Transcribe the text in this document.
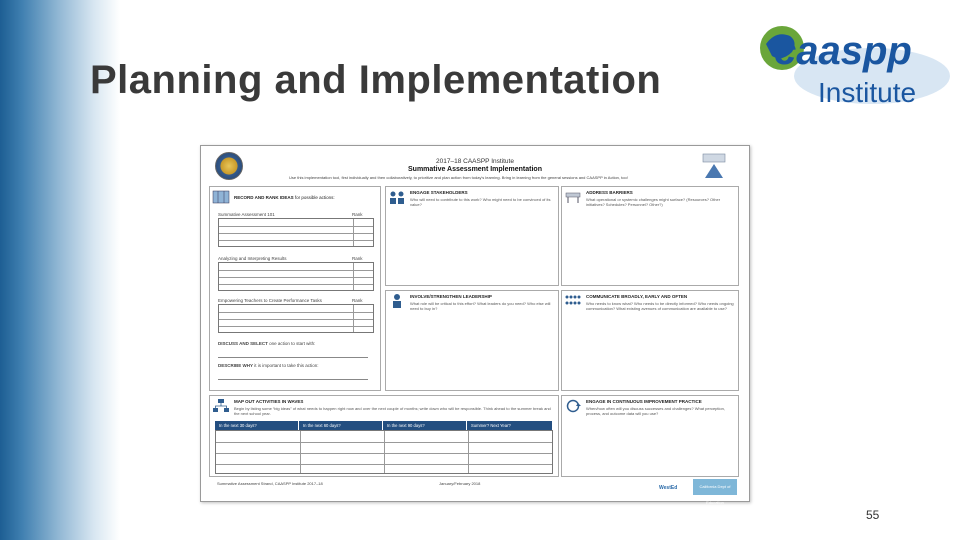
Planning and Implementation
caaspp
Institute
2017–18 CAASPP Institute
Summative Assessment Implementation
Use this implementation tool, first individually and then collaboratively, to prioritize and plan action from today's learning. Bring in learning from the general sessions and CAASPP in Action, too!
RECORD AND RANK IDEAS for possible actions:
Summative Assessment 101	Rank
Analyzing and Interpreting Results	Rank
Empowering Teachers to Create Performance Tasks	Rank
DISCUSS AND SELECT one action to start with:
DESCRIBE WHY it is important to take this action:
ENGAGE STAKEHOLDERS
Who will need to contribute to this work? Who might need to be convinced of its value?
ADDRESS BARRIERS
What operational or systemic challenges might surface? (Resources? Other initiatives? Schedules? Personnel? Other?)
INVOLVE/STRENGTHEN LEADERSHIP
What role will be critical to this effort? What leaders do you need? Who else will need to buy in?
COMMUNICATE BROADLY, EARLY AND OFTEN
Who needs to know what? Who needs to be directly informed? Who needs ongoing communication? What existing avenues of communication are available to use?
MAP OUT ACTIVITIES IN WAVES
Begin by listing some “big ideas” of what needs to happen right now and over the next couple of months; write down who will be responsible. Think ahead to the summer break and the next school year.
In the next 30 days?	In the next 60 days?	In the next 90 days?	Summer? Next Year?
ENGAGE IN CONTINUOUS IMPROVEMENT PRACTICE
When/how often will you discuss successes and challenges? What perception, process, and outcome data will you use?
Summative Assessment Strand, CAASPP Institute 2017–18	January/February 2018
WestEd	California Dept of Education
55
